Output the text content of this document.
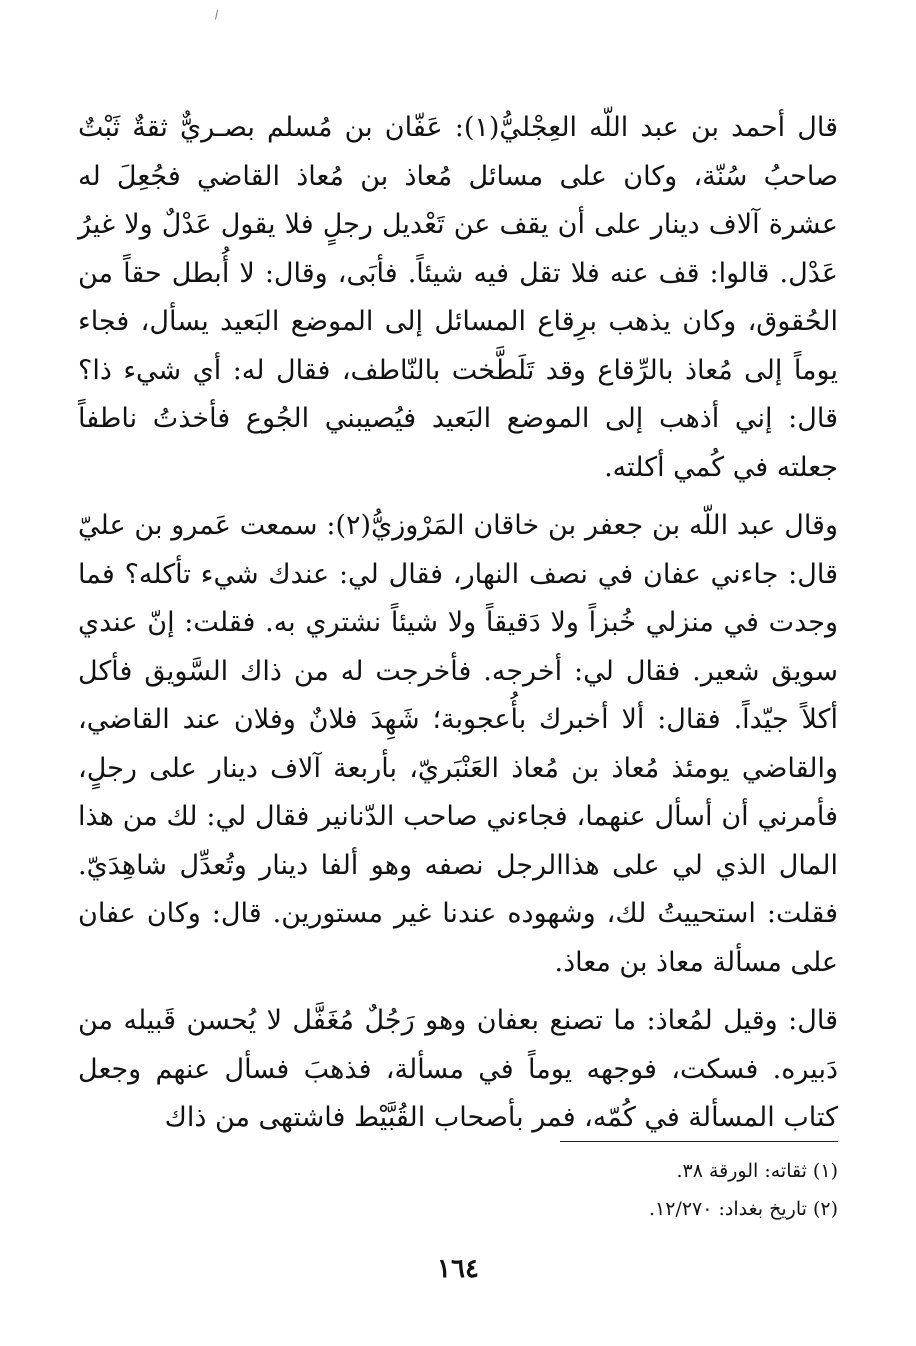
قال أحمد بن عبد اللّه العِجْليُّ(١): عَفّان بن مُسلم بصـريٌّ ثقةٌ ثَبْتٌ صاحبُ سُنّة، وكان على مسائل مُعاذ بن مُعاذ القاضي فجُعِلَ له عشرة آلاف دينار على أن يقف عن تَعْديل رجلٍ فلا يقول عَدْلٌ ولا غيرُ عَدْل. قالوا: قف عنه فلا تقل فيه شيئاً. فأبَى، وقال: لا أُبطل حقاً من الحُقوق، وكان يذهب برِقاع المسائل إلى الموضع البَعيد يسأل، فجاء يوماً إلى مُعاذ بالرِّقاع وقد تَلَطَّخت بالنّاطف، فقال له: أي شيء ذا؟ قال: إني أذهب إلى الموضع البَعيد فيُصيبني الجُوع فأخذتُ ناطفاً جعلته في كُمي أكلته.

وقال عبد اللّه بن جعفر بن خاقان المَرْوزيُّ(٢): سمعت عَمرو بن عليّ قال: جاءني عفان في نصف النهار، فقال لي: عندك شيء تأكله؟ فما وجدت في منزلي خُبزاً ولا دَقيقاً ولا شيئاً نشتري به. فقلت: إنّ عندي سويق شعير. فقال لي: أخرجه. فأخرجت له من ذاك السَّويق فأكل أكلاً جيّداً. فقال: ألا أخبرك بأُعجوبة؛ شَهِدَ فلانٌ وفلان عند القاضي، والقاضي يومئذ مُعاذ بن مُعاذ العَنْبَريّ، بأربعة آلاف دينار على رجلٍ، فأمرني أن أسأل عنهما، فجاءني صاحب الدّنانير فقال لي: لك من هذا المال الذي لي على هذاالرجل نصفه وهو ألفا دينار وتُعدِّل شاهِدَيّ. فقلت: استحييتُ لك، وشهوده عندنا غير مستورين. قال: وكان عفان على مسألة معاذ بن معاذ.

قال: وقيل لمُعاذ: ما تصنع بعفان وهو رَجُلٌ مُغَفَّل لا يُحسن قَبيله من دَبيره. فسكت، فوجهه يوماً في مسألة، فذهبَ فسأل عنهم وجعل كتاب المسألة في كُمّه، فمر بأصحاب القُبَّيْط فاشتهى من ذاك

(١) ثقاته: الورقة ٣٨.

(٢) تاريخ بغداد: ١٢/٢٧٠.

١٦٤
